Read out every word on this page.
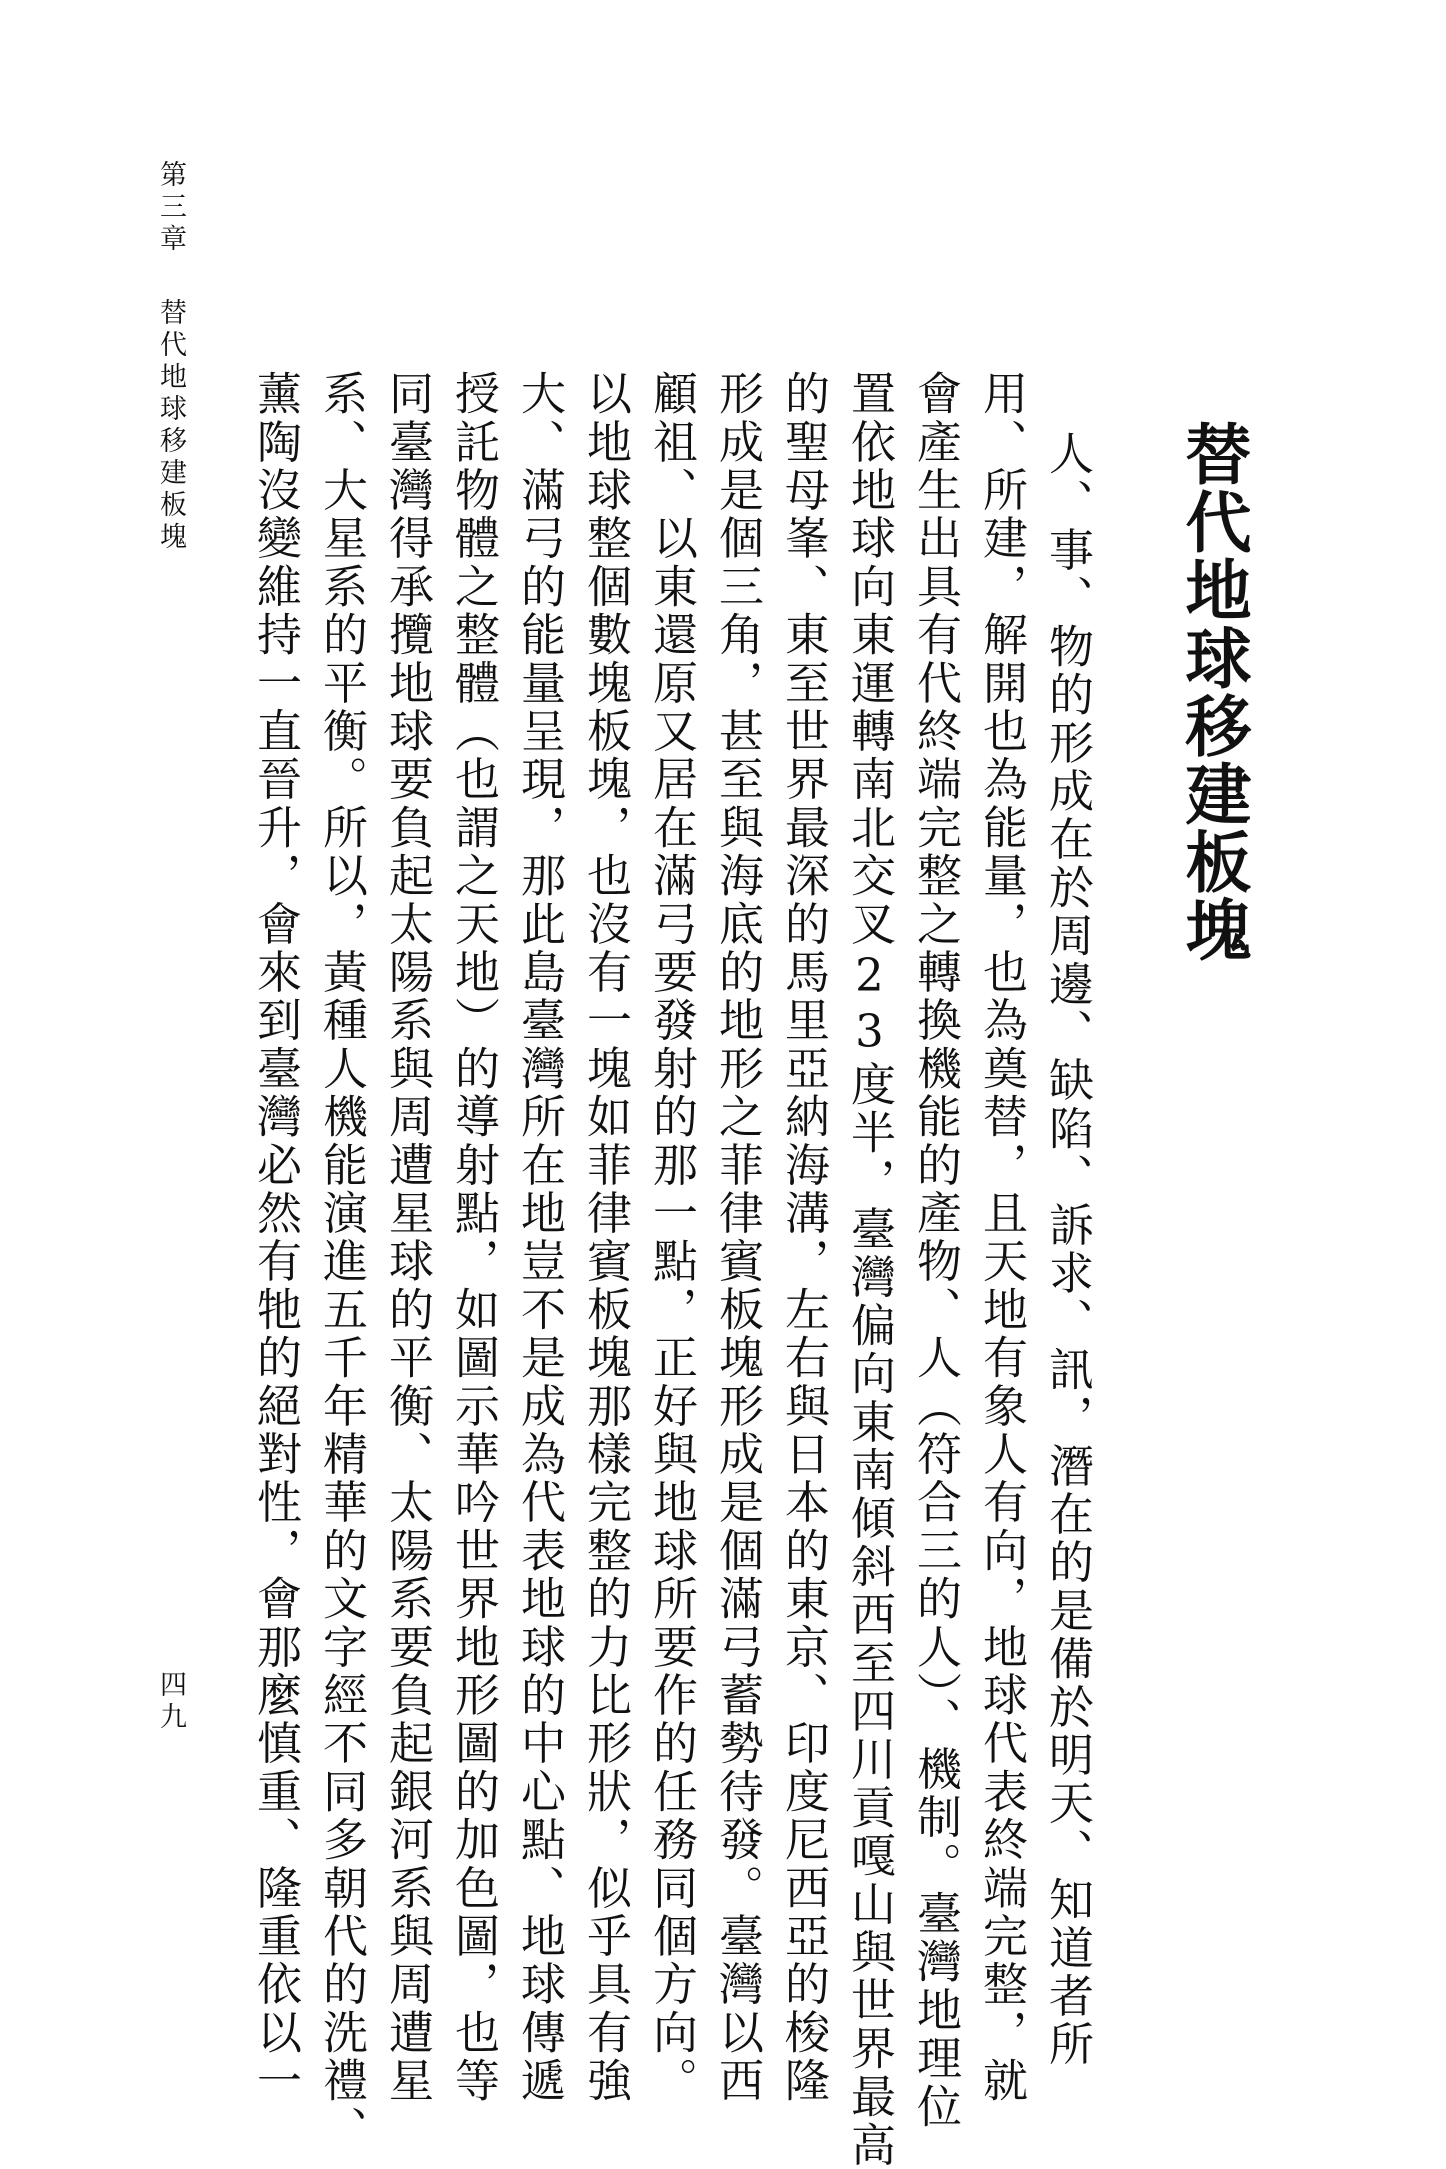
第三章替代地球移建板塊
四九
替代地球移建板塊
人、事、物的形成在於周邊、缺陷、訴求、訊，潛在的是備於明天、知道者所
用、所建，解開也為能量，也為奠替，且天地有象人有向，地球代表終端完整，就
會產生出具有代終端完整之轉換機能的產物、人（符合三的人）、機制。臺灣地理位
置依地球向東運轉南北交叉23度半，臺灣偏向東南傾斜西至四川貢嘎山與世界最高
的聖母峯、東至世界最深的馬里亞納海溝，左右與日本的東京、印度尼西亞的梭隆
形成是個三角，甚至與海底的地形之菲律賓板塊形成是個滿弓蓄勢待發。臺灣以西
顧祖、以東還原又居在滿弓要發射的那一點，正好與地球所要作的任務同個方向。
以地球整個數塊板塊，也沒有一塊如菲律賓板塊那樣完整的力比形狀，似乎具有強
大、滿弓的能量呈現，那此島臺灣所在地豈不是成為代表地球的中心點、地球傳遞
授託物體之整體（也謂之天地）的導射點，如圖示華吟世界地形圖的加色圖，也等
同臺灣得承攬地球要負起太陽系與周遭星球的平衡、太陽系要負起銀河系與周遭星
系、大星系的平衡。所以，黃種人機能演進五千年精華的文字經不同多朝代的洗禮、
薰陶沒變維持一直晉升，會來到臺灣必然有牠的絕對性，會那麼慎重、隆重依以一
